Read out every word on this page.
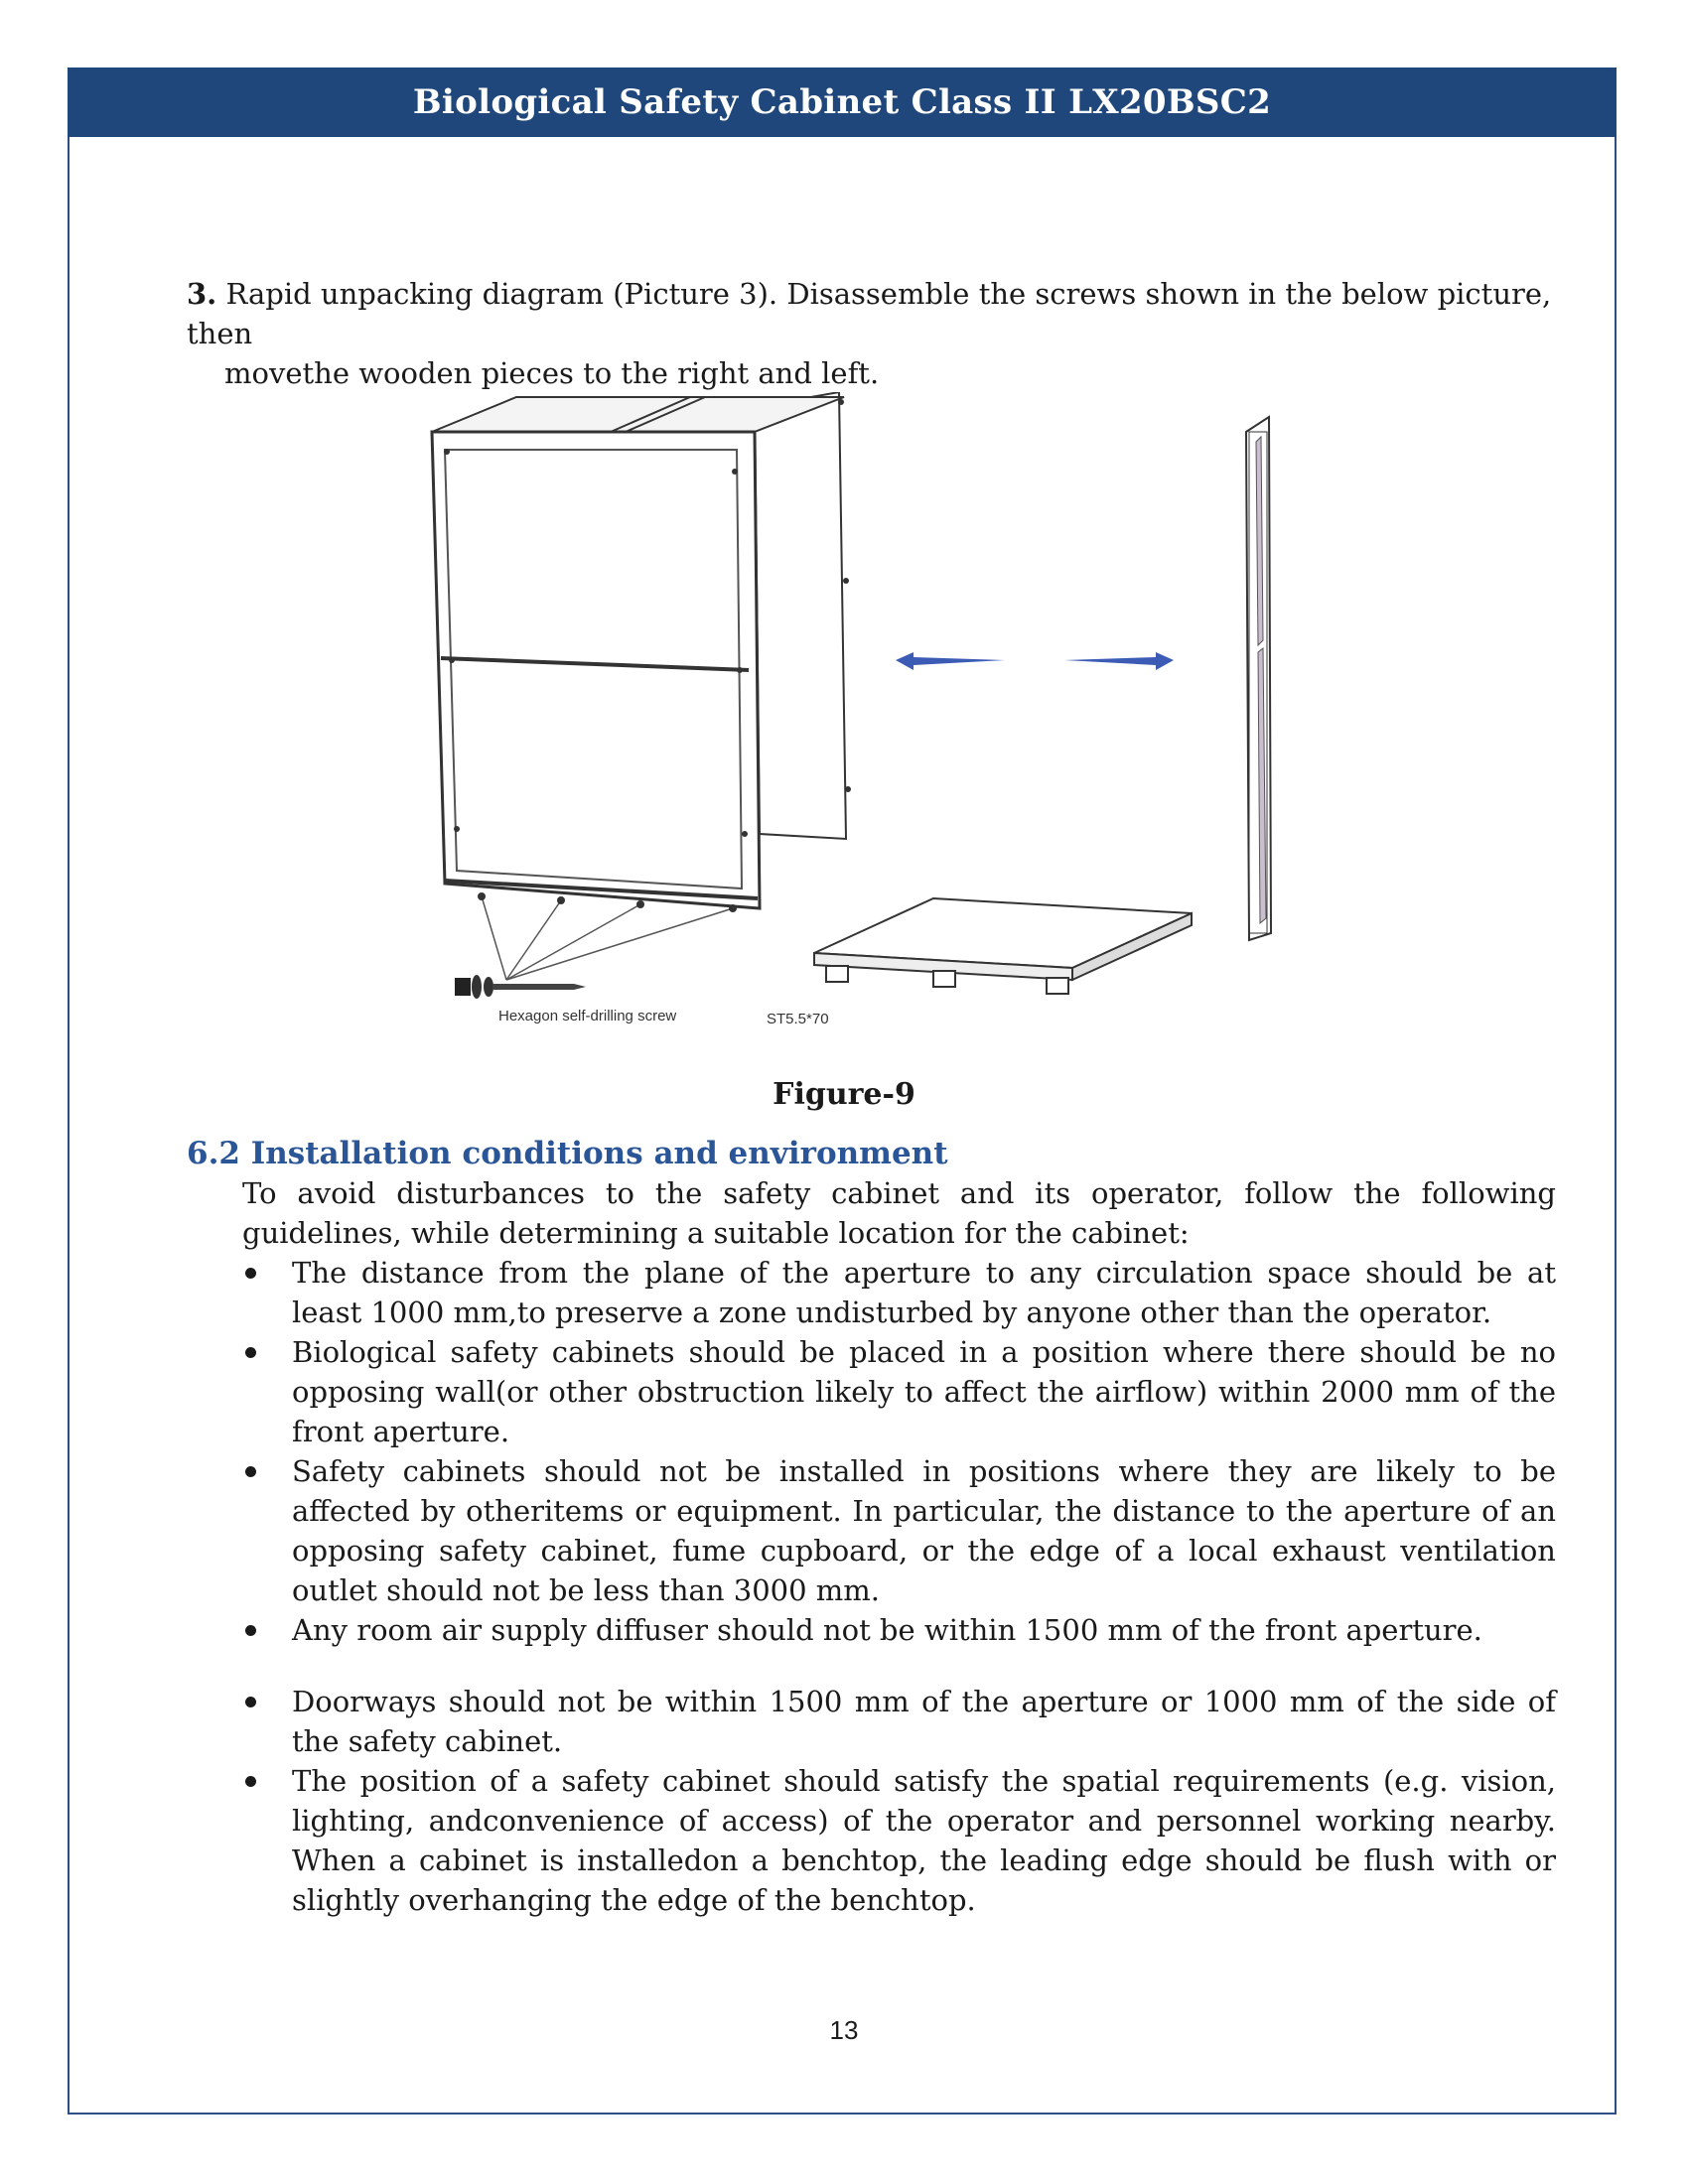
Biological Safety Cabinet Class II LX20BSC2
3. Rapid unpacking diagram (Picture 3). Disassemble the screws shown in the below picture, then
movethe wooden pieces to the right and left.
Hexagon self-drilling screw	ST5.5*70
Figure-9
6.2 Installation conditions and environment
To avoid disturbances to the safety cabinet and its operator, follow the following guidelines, while determining a suitable location for the cabinet:
The distance from the plane of the aperture to any circulation space should be at least 1000 mm,to preserve a zone undisturbed by anyone other than the operator.
Biological safety cabinets should be placed in a position where there should be no opposing wall(or other obstruction likely to affect the airflow) within 2000 mm of the front aperture.
Safety cabinets should not be installed in positions where they are likely to be affected by otheritems or equipment. In particular, the distance to the aperture of an opposing safety cabinet, fume cupboard, or the edge of a local exhaust ventilation outlet should not be less than 3000 mm.
Any room air supply diffuser should not be within 1500 mm of the front aperture.
Doorways should not be within 1500 mm of the aperture or 1000 mm of the side of the safety cabinet.
The position of a safety cabinet should satisfy the spatial requirements (e.g. vision, lighting, andconvenience of access) of the operator and personnel working nearby. When a cabinet is installedon a benchtop, the leading edge should be flush with or slightly overhanging the edge of the benchtop.
13
